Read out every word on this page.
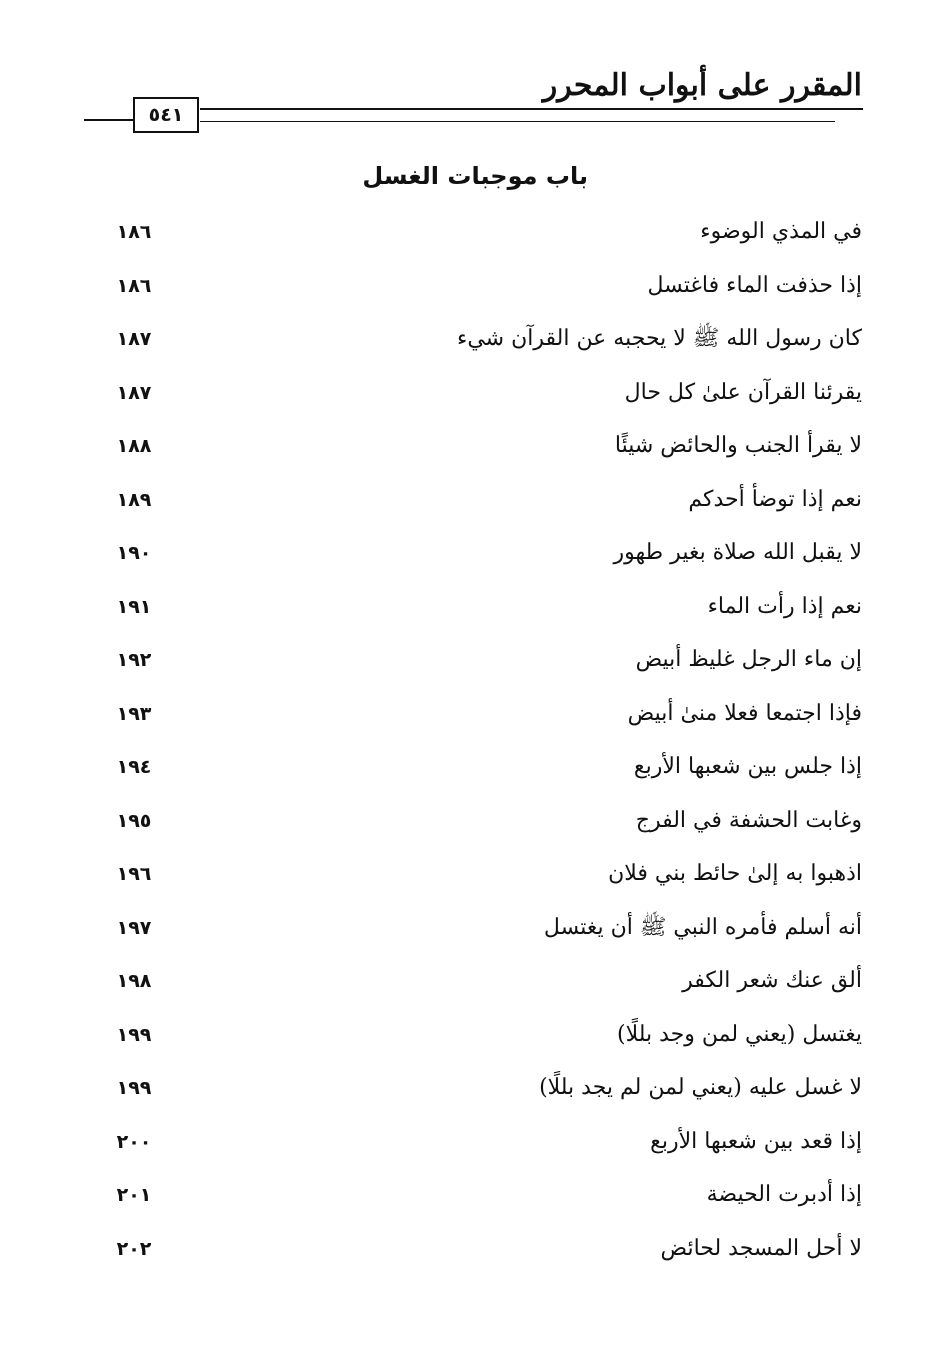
المقرر على أبواب المحرر
٥٤١
باب موجبات الغسل
في المذي الوضوء
١٨٦
إذا حذفت الماء فاغتسل
١٨٦
كان رسول الله ﷺ لا يحجبه عن القرآن شيء
١٨٧
يقرئنا القرآن علىٰ كل حال
١٨٧
لا يقرأ الجنب والحائض شيئًا
١٨٨
نعم إذا توضأ أحدكم
١٨٩
لا يقبل الله صلاة بغير طهور
١٩٠
نعم إذا رأت الماء
١٩١
إن ماء الرجل غليظ أبيض
١٩٢
فإذا اجتمعا فعلا منىٰ أبيض
١٩٣
إذا جلس بين شعبها الأربع
١٩٤
وغابت الحشفة في الفرج
١٩٥
اذهبوا به إلىٰ حائط بني فلان
١٩٦
أنه أسلم فأمره النبي ﷺ أن يغتسل
١٩٧
ألق عنك شعر الكفر
١٩٨
يغتسل (يعني لمن وجد بللًا)
١٩٩
لا غسل عليه (يعني لمن لم يجد بللًا)
١٩٩
إذا قعد بين شعبها الأربع
٢٠٠
إذا أدبرت الحيضة
٢٠١
لا أحل المسجد لحائض
٢٠٢
